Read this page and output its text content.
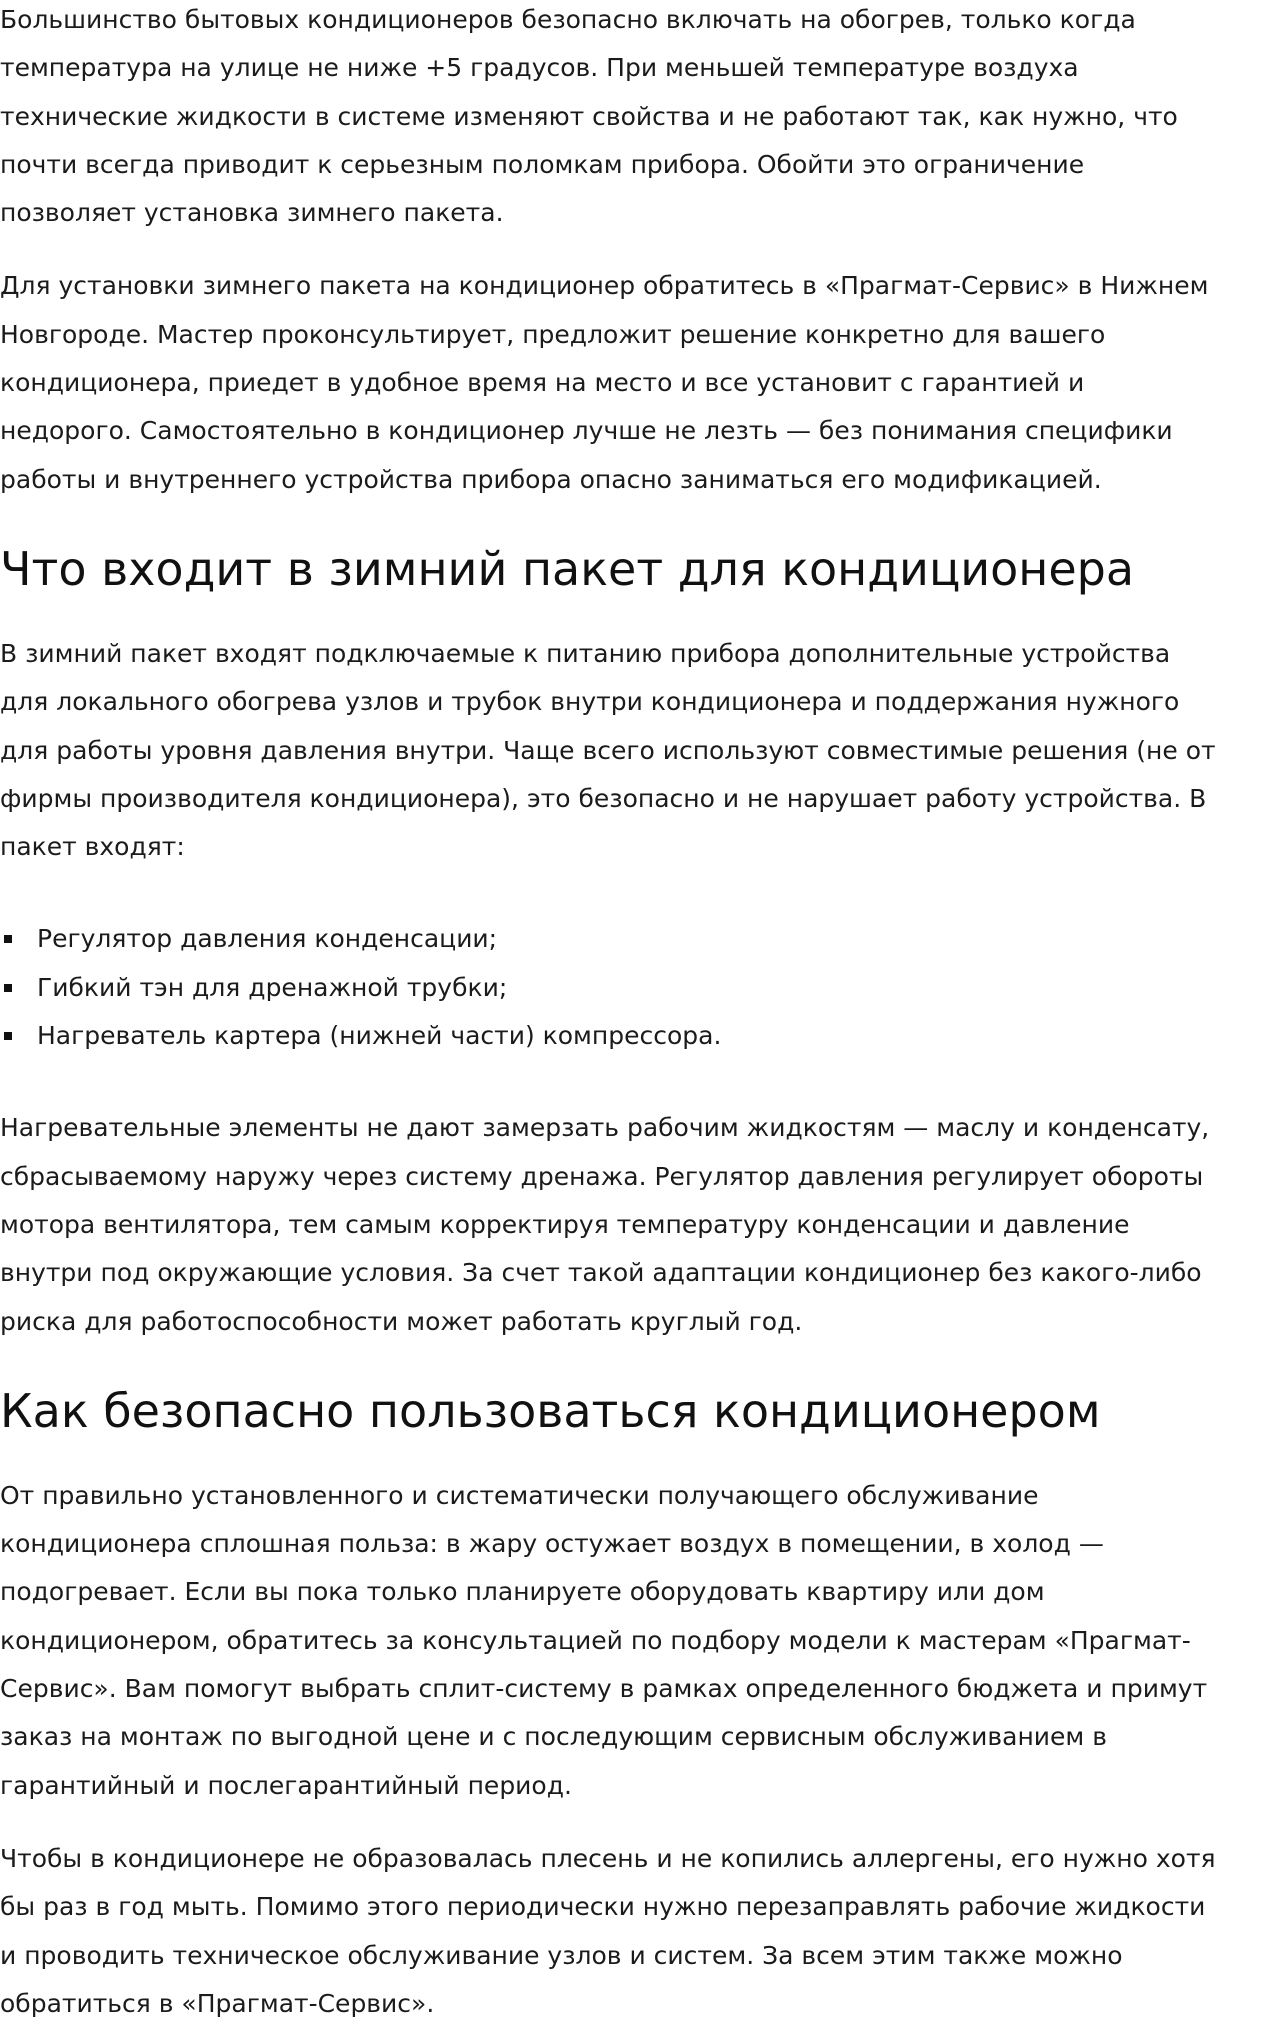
Большинство бытовых кондиционеров безопасно включать на обогрев, только когда
температура на улице не ниже +5 градусов. При меньшей температуре воздуха
технические жидкости в системе изменяют свойства и не работают так, как нужно, что
почти всегда приводит к серьезным поломкам прибора. Обойти это ограничение
позволяет установка зимнего пакета.

Для установки зимнего пакета на кондиционер обратитесь в «Прагмат-Сервис» в Нижнем
Новгороде. Мастер проконсультирует, предложит решение конкретно для вашего
кондиционера, приедет в удобное время на место и все установит с гарантией и
недорого. Самостоятельно в кондиционер лучше не лезть — без понимания специфики
работы и внутреннего устройства прибора опасно заниматься его модификацией.

Что входит в зимний пакет для кондиционера

В зимний пакет входят подключаемые к питанию прибора дополнительные устройства
для локального обогрева узлов и трубок внутри кондиционера и поддержания нужного
для работы уровня давления внутри. Чаще всего используют совместимые решения (не от
фирмы производителя кондиционера), это безопасно и не нарушает работу устройства. В
пакет входят:

Регулятор давления конденсации;
Гибкий тэн для дренажной трубки;
Нагреватель картера (нижней части) компрессора.

Нагревательные элементы не дают замерзать рабочим жидкостям — маслу и конденсату,
сбрасываемому наружу через систему дренажа. Регулятор давления регулирует обороты
мотора вентилятора, тем самым корректируя температуру конденсации и давление
внутри под окружающие условия. За счет такой адаптации кондиционер без какого-либо
риска для работоспособности может работать круглый год.

Как безопасно пользоваться кондиционером

От правильно установленного и систематически получающего обслуживание
кондиционера сплошная польза: в жару остужает воздух в помещении, в холод —
подогревает. Если вы пока только планируете оборудовать квартиру или дом
кондиционером, обратитесь за консультацией по подбору модели к мастерам «Прагмат-
Сервис». Вам помогут выбрать сплит-систему в рамках определенного бюджета и примут
заказ на монтаж по выгодной цене и с последующим сервисным обслуживанием в
гарантийный и послегарантийный период.

Чтобы в кондиционере не образовалась плесень и не копились аллергены, его нужно хотя
бы раз в год мыть. Помимо этого периодически нужно перезаправлять рабочие жидкости
и проводить техническое обслуживание узлов и систем. За всем этим также можно
обратиться в «Прагмат-Сервис».
